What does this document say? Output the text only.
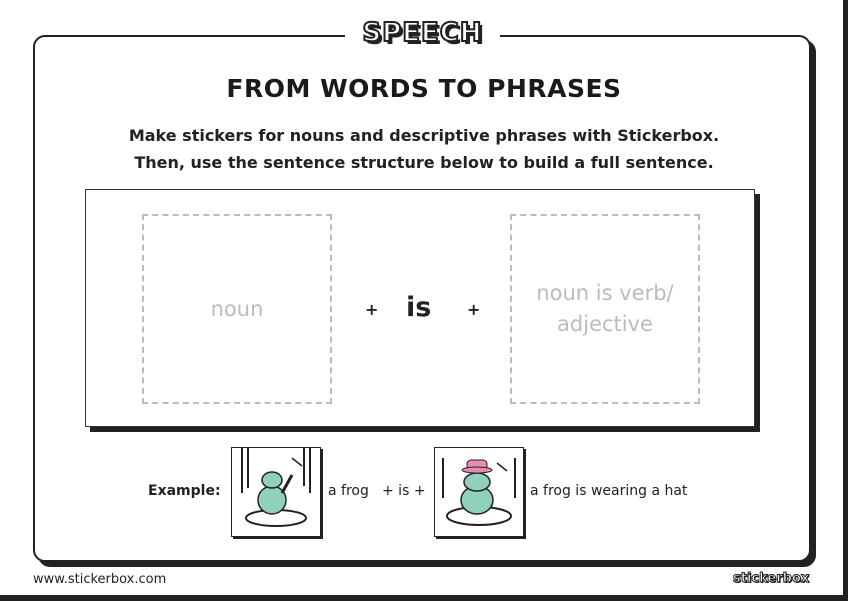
SPEECH
FROM WORDS TO PHRASES
Make stickers for nouns and descriptive phrases with Stickerbox.
Then, use the sentence structure below to build a full sentence.
noun	+ is +
noun is verb/ adjective
Example:	a frog + is +	a frog is wearing a hat
www.stickerbox.com	stickerbox
